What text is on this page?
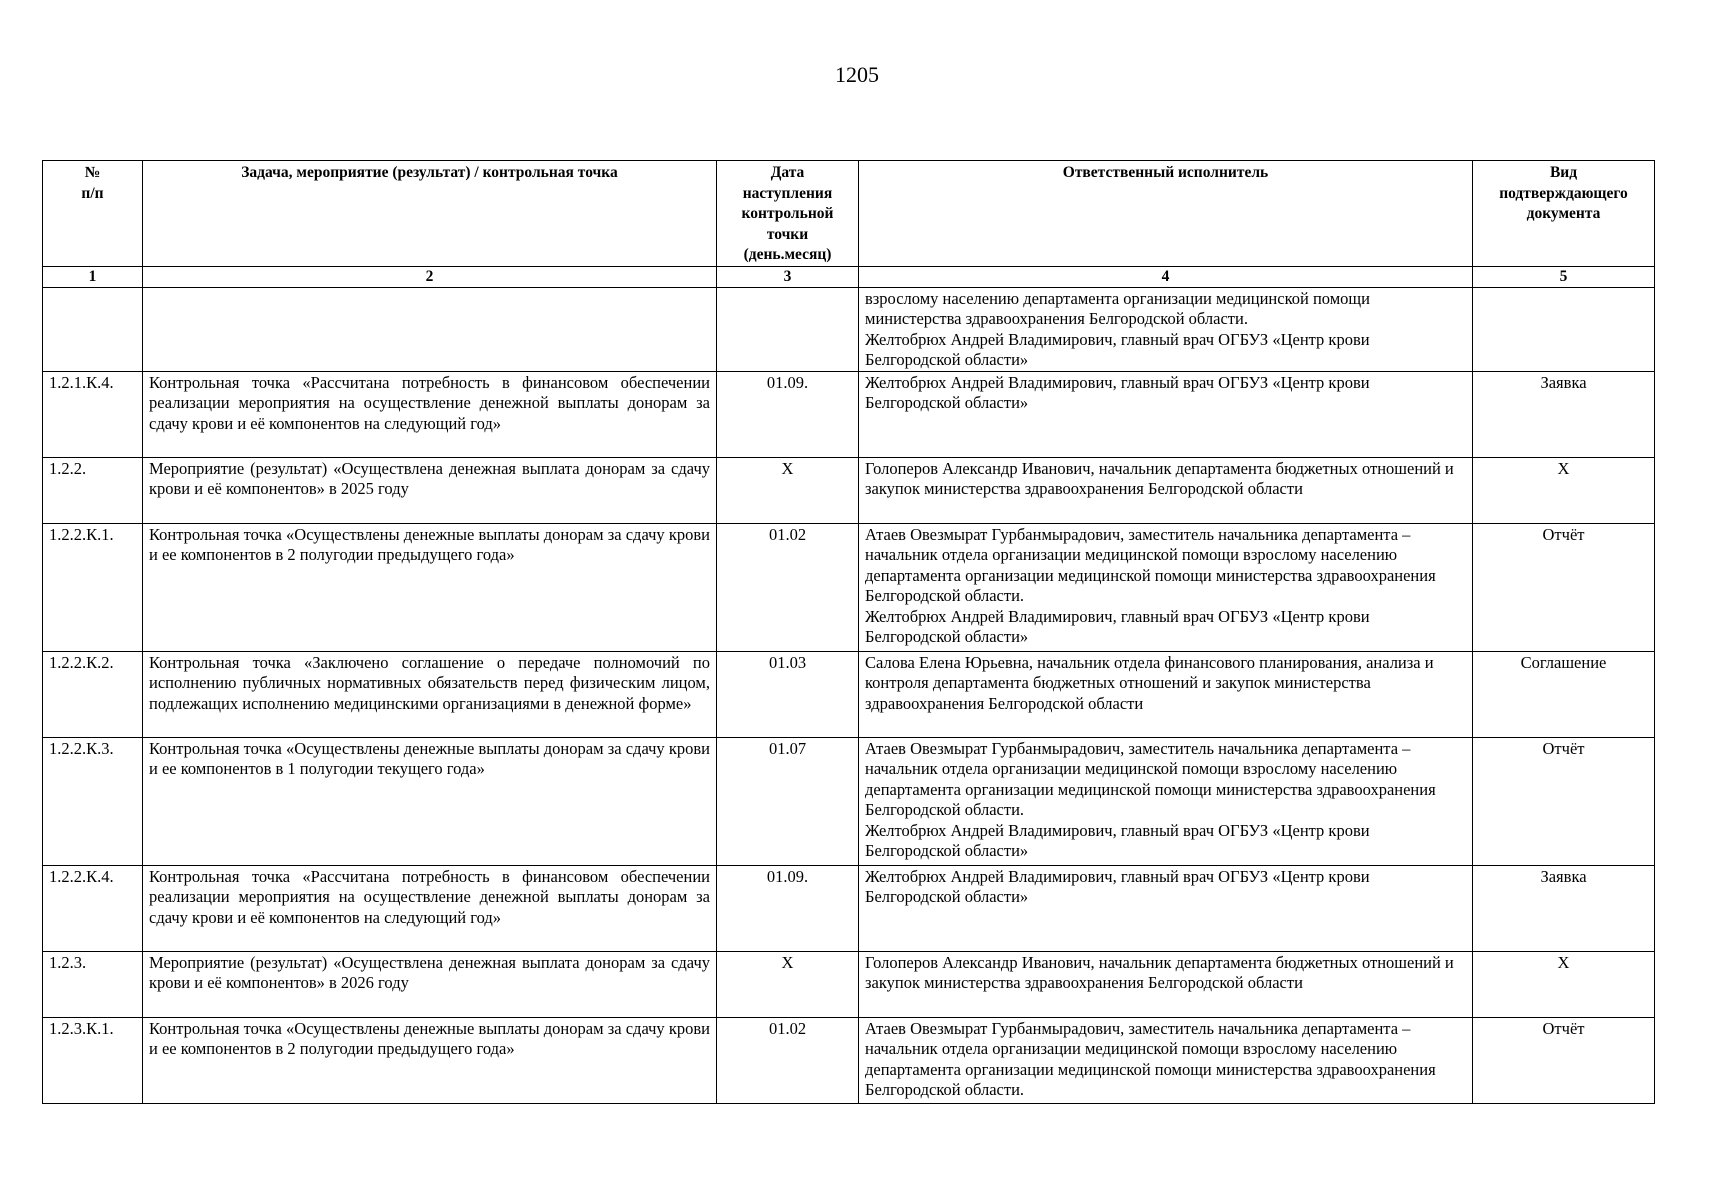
1205
№
п/п	Задача, мероприятие (результат) / контрольная точка	Дата
наступления
контрольной
точки
(день.месяц)	Ответственный исполнитель	Вид
подтверждающего
документа

1	2	3	4	5

			взрослому населению департамента организации медицинской помощи министерства здравоохранения Белгородской области.
Желтобрюх Андрей Владимирович, главный врач ОГБУЗ «Центр крови Белгородской области»	

1.2.1.К.4.	Контрольная точка «Рассчитана потребность в финансовом обеспечении реализации мероприятия на осуществление денежной выплаты донорам за сдачу крови и её компонентов на следующий год»	01.09.	Желтобрюх Андрей Владимирович, главный врач ОГБУЗ «Центр крови Белгородской области»	Заявка
1.2.2.	Мероприятие (результат) «Осуществлена денежная выплата донорам за сдачу крови и её компонентов» в 2025 году	Х	Голоперов Александр Иванович, начальник департамента бюджетных отношений и закупок министерства здравоохранения Белгородской области	Х
1.2.2.К.1.	Контрольная точка «Осуществлены денежные выплаты донорам за сдачу крови и ее компонентов в 2 полугодии предыдущего года»	01.02	Атаев Овезмырат Гурбанмырадович, заместитель начальника департамента – начальник отдела организации медицинской помощи взрослому населению департамента организации медицинской помощи министерства здравоохранения Белгородской области.
Желтобрюх Андрей Владимирович, главный врач ОГБУЗ «Центр крови Белгородской области»	Отчёт
1.2.2.К.2.	Контрольная точка «Заключено соглашение о передаче полномочий по исполнению публичных нормативных обязательств перед физическим лицом, подлежащих исполнению медицинскими организациями в денежной форме»	01.03	Салова Елена Юрьевна, начальник отдела финансового планирования, анализа и контроля департамента бюджетных отношений и закупок министерства здравоохранения Белгородской области	Соглашение
1.2.2.К.3.	Контрольная точка «Осуществлены денежные выплаты донорам за сдачу крови и ее компонентов в 1 полугодии текущего года»	01.07	Атаев Овезмырат Гурбанмырадович, заместитель начальника департамента – начальник отдела организации медицинской помощи взрослому населению департамента организации медицинской помощи министерства здравоохранения Белгородской области.
Желтобрюх Андрей Владимирович, главный врач ОГБУЗ «Центр крови Белгородской области»	Отчёт
1.2.2.К.4.	Контрольная точка «Рассчитана потребность в финансовом обеспечении реализации мероприятия на осуществление денежной выплаты донорам за сдачу крови и её компонентов на следующий год»	01.09.	Желтобрюх Андрей Владимирович, главный врач ОГБУЗ «Центр крови Белгородской области»	Заявка
1.2.3.	Мероприятие (результат) «Осуществлена денежная выплата донорам за сдачу крови и её компонентов» в 2026 году	Х	Голоперов Александр Иванович, начальник департамента бюджетных отношений и закупок министерства здравоохранения Белгородской области	Х
1.2.3.К.1.	Контрольная точка «Осуществлены денежные выплаты донорам за сдачу крови и ее компонентов в 2 полугодии предыдущего года»	01.02	Атаев Овезмырат Гурбанмырадович, заместитель начальника департамента – начальник отдела организации медицинской помощи взрослому населению департамента организации медицинской помощи министерства здравоохранения Белгородской области.	Отчёт
